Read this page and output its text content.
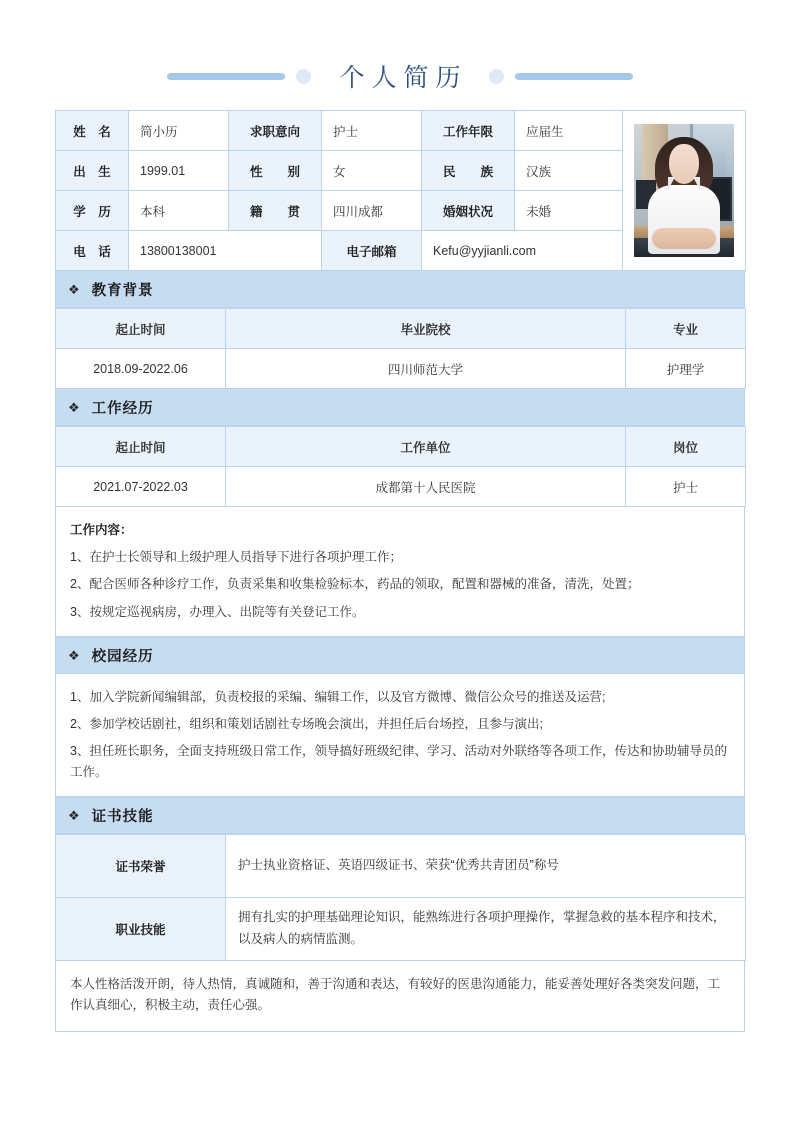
个人简历
姓　名	简小历	求职意向	护士	工作年限	应届生	

出　生	1999.01	性　　别	女	民　　族	汉族	
学　历	本科	籍　　贯	四川成都	婚姻状况	未婚	
电　话	13800138001		电子邮箱	Kefu@yyjianli.com		
❖ 教育背景
起止时间	毕业院校	专业
2018.09-2022.06	四川师范大学	护理学
❖ 工作经历
起止时间	工作单位	岗位
2021.07-2022.03	成都第十人民医院	护士
工作内容：
1、在护士长领导和上级护理人员指导下进行各项护理工作；
2、配合医师各种诊疗工作，负责采集和收集检验标本，药品的领取，配置和器械的准备，清洗，处置；
3、按规定巡视病房，办理入、出院等有关登记工作。
❖ 校园经历
1、加入学院新闻编辑部，负责校报的采编、编辑工作，以及官方微博、微信公众号的推送及运营;
2、参加学校话剧社，组织和策划话剧社专场晚会演出，并担任后台场控，且参与演出;
3、担任班长职务，全面支持班级日常工作，领导搞好班级纪律、学习、活动对外联络等各项工作，传达和协助辅导员的工作。
❖ 证书技能
证书荣誉	护士执业资格证、英语四级证书、荣获“优秀共青团员”称号
职业技能	拥有扎实的护理基础理论知识，能熟练进行各项护理操作，掌握急救的基本程序和技术，以及病人的病情监测。
本人性格活泼开朗，待人热情，真诚随和，善于沟通和表达，有较好的医患沟通能力，能妥善处理好各类突发问题，工作认真细心，积极主动，责任心强。
